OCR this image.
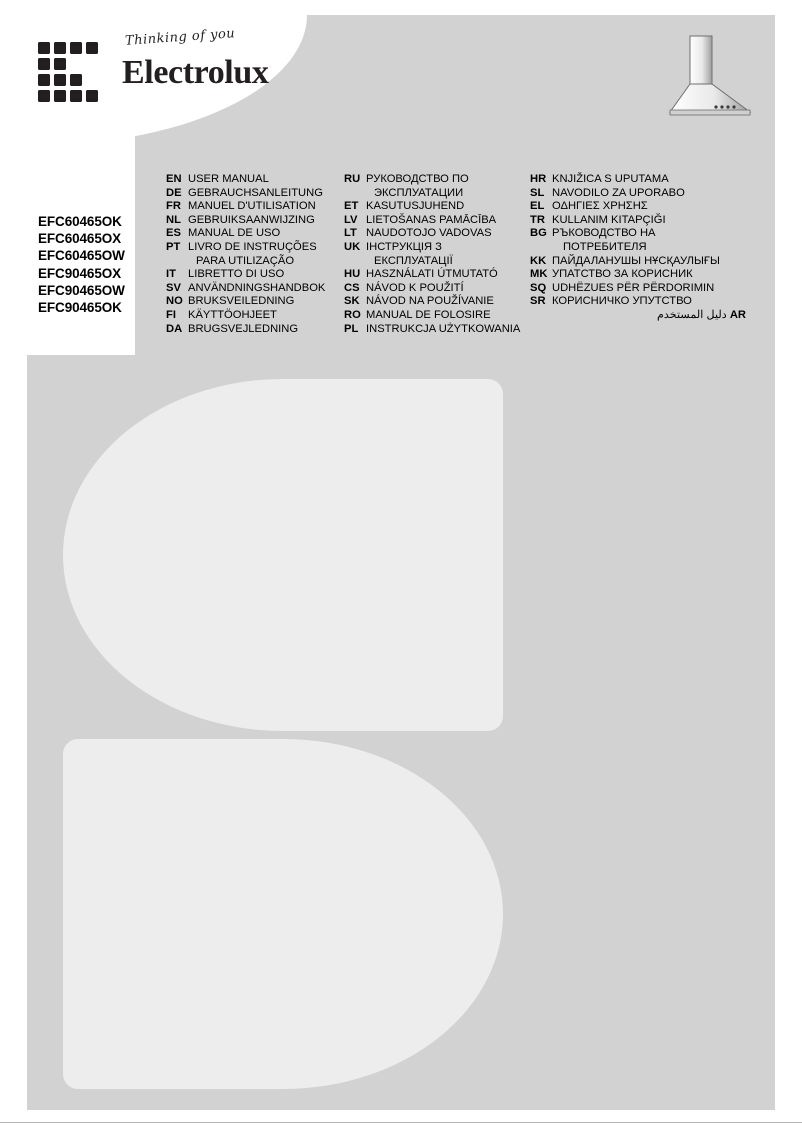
Thinking of you
Electrolux
EFC60465OK
EFC60465OX
EFC60465OW
EFC90465OX
EFC90465OW
EFC90465OK
EN USER MANUAL
DE GEBRAUCHSANLEITUNG
FR MANUEL D'UTILISATION
NL GEBRUIKSAANWIJZING
ES MANUAL DE USO
PT LIVRO DE INSTRUÇÕES
PARA UTILIZAÇÃO
IT	LIBRETTO DI USO
SV ANVÄNDNINGSHANDBOK
NO BRUKSVEILEDNING
FI	KÄYTTÖOHJEET
DA BRUGSVEJLEDNING
RU РУКОВОДСТВО ПО
ЭКСПЛУАТАЦИИ
ET KASUTUSJUHEND
LV LIETOŠANAS PAMĀCĪBA
LT NAUDOTOJO VADOVAS
UK ІНСТРУКЦІЯ З
ЕКСПЛУАТАЦІЇ
HU HASZNÁLATI ÚTMUTATÓ
CS NÁVOD K POUŽITÍ
SK NÁVOD NA POUŽÍVANIE
RO MANUAL DE FOLOSIRE
PL INSTRUKCJA UŻYTKOWANIA
HR KNJIŽICA S UPUTAMA
SL NAVODILO ZA UPORABO
EL ΟΔΗΓΙΕΣ ΧΡΗΣΗΣ
TR KULLANIM KITAPÇIĞI
BG РЪКОВОДСТВО НА
ПОТРЕБИТЕЛЯ
KK ПАЙДАЛАНУШЫ НҰСҚАУЛЫҒЫ
MK УПАТСТВО ЗА КОРИСНИК
SQ UDHËZUES PËR PËRDORIMIN
SR КОРИСНИЧКО УПУТСТВО
AR دليل المستخدم
